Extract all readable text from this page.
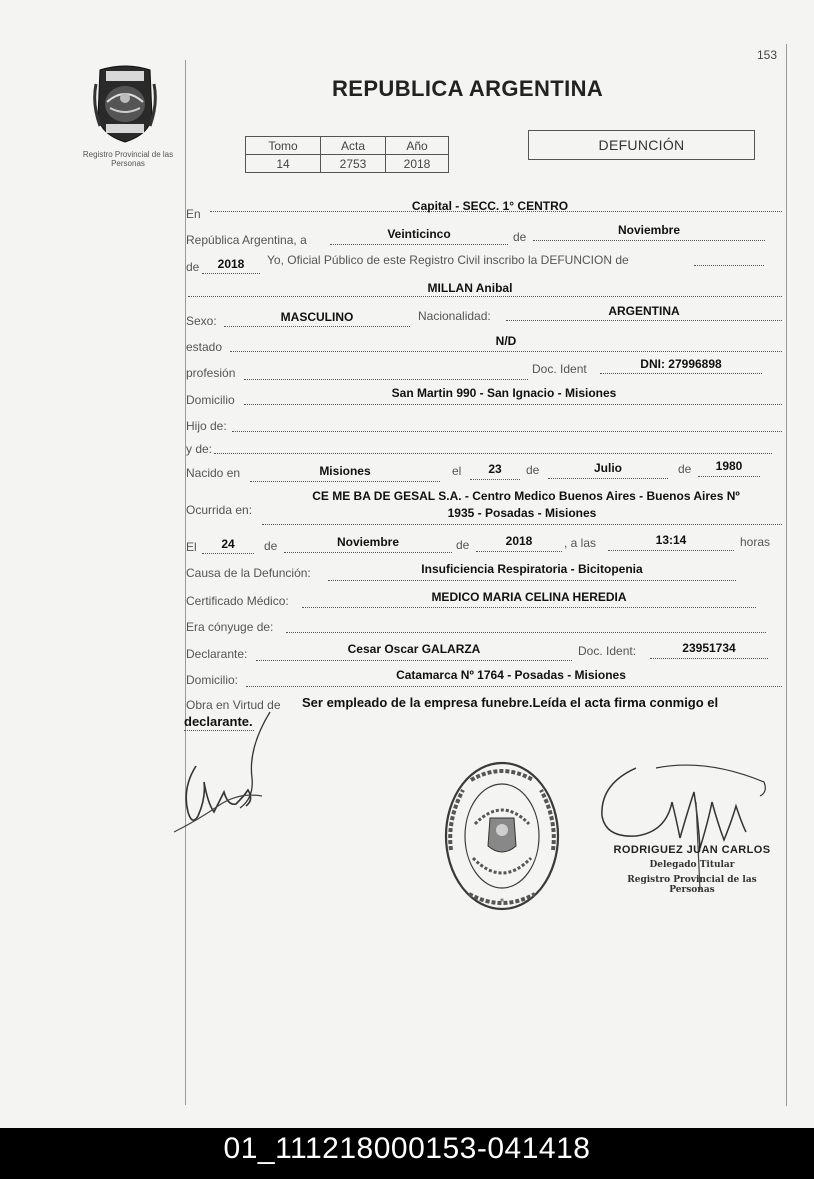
153
Registro Provincial de las Personas
REPUBLICA ARGENTINA
Tomo	Acta	Año
14	2753	2018
DEFUNCIÓN
En
Capital - SECC. 1° CENTRO
República Argentina, a	Veinticinco	de	Noviembre
de	2018	Yo, Oficial Público de este Registro Civil inscribo la DEFUNCION de
MILLAN Anibal
Sexo:	MASCULINO	Nacionalidad:	ARGENTINA
estado	N/D
profesión	Doc. Ident	DNI: 27996898
Domicilio	San Martin 990 - San Ignacio - Misiones
Hijo de:
y de:
Nacido en	Misiones	el	23	de	Julio	de	1980
Ocurrida en:
CE ME BA DE GESAL S.A. - Centro Medico Buenos Aires - Buenos Aires Nº
1935 - Posadas - Misiones
El	24	de	Noviembre	de	2018	, a las	13:14	horas
Causa de la Defunción:	Insuficiencia Respiratoria - Bicitopenia
Certificado Médico:	MEDICO MARIA CELINA HEREDIA
Era cónyuge de:
Declarante:	Cesar Oscar GALARZA	Doc. Ident:	23951734
Domicilio:	Catamarca Nº 1764 - Posadas - Misiones
Obra en Virtud de Ser empleado de la empresa funebre.Leída el acta firma conmigo el
declarante.
*
RODRIGUEZ JUAN CARLOS
Delegado Titular
Registro Provincial de las Personas
01_111218000153-041418
